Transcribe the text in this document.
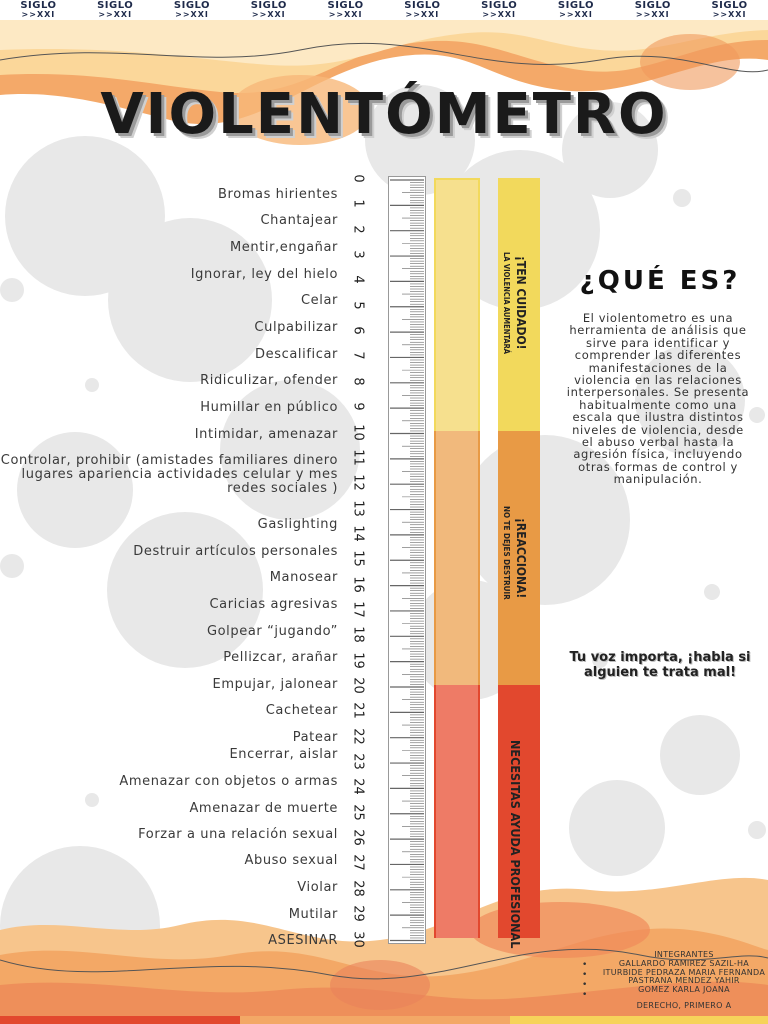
SIGLO
>>XXI
SIGLO
>>XXI
SIGLO
>>XXI
SIGLO
>>XXI
SIGLO
>>XXI
SIGLO
>>XXI
SIGLO
>>XXI
SIGLO
>>XXI
SIGLO
>>XXI
SIGLO
>>XXI
VIOLENTÓMETRO
¡TEN CUIDADO!
LA VIOLENCIA AUMENTARÁ
¡REACCIONA!
NO TE DEJES DESTRUIR
NECESITAS AYUDA PROFESIONAL
0
1
2
3
4
5
6
7
8
9
10
11
12
13
14
15
16
17
18
19
20
21
22
23
24
25
26
27
28
29
30
Bromas hirientes
Chantajear
Mentir,engañar
Ignorar, ley del hielo
Celar
Culpabilizar
Descalificar
Ridiculizar, ofender
Humillar en público
Intimidar, amenazar
Controlar, prohibir (amistades familiares dinero lugares apariencia actividades celular y mes redes sociales )
Gaslighting
Destruir artículos personales
Manosear
Caricias agresivas
Golpear “jugando”
Pellizcar, arañar
Empujar, jalonear
Cachetear
Patear
Encerrar, aislar
Amenazar con objetos o armas
Amenazar de muerte
Forzar a una relación sexual
Abuso sexual
Violar
Mutilar
ASESINAR
¿QUÉ ES?
El violentometro es una herramienta de análisis que sirve para identificar y comprender las diferentes manifestaciones de la violencia en las relaciones interpersonales. Se presenta habitualmente como una escala que ilustra distintos niveles de violencia, desde el abuso verbal hasta la agresión física, incluyendo otras formas de control y manipulación.
Tu voz importa, ¡habla si alguien te trata mal!
INTEGRANTES
GALLARDO RAMIREZ SAZIL-HA
ITURBIDE PEDRAZA MARIA FERNANDA
PASTRANA MENDEZ YAHIR
GOMEZ KARLA JOANA
DERECHO, PRIMERO A
•
•
•
•
